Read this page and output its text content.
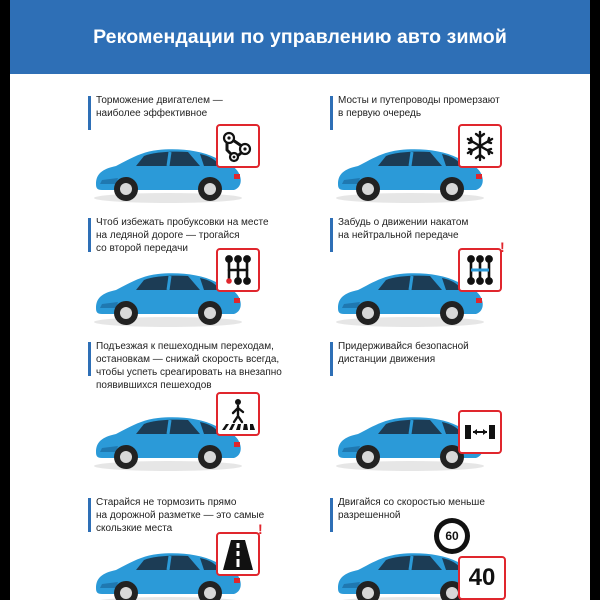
Рекомендации по управлению авто зимой
Торможение двигателем —
наиболее эффективное
Мосты и путепроводы промерзают
в первую очередь
Чтоб избежать пробуксовки на месте
на ледяной дороге — трогайся
со второй передачи
Забудь о движении накатом
на нейтральной передаче
!
Подъезжая к пешеходным переходам,
остановкам — снижай скорость всегда,
чтобы успеть среагировать на внезапно
появившихся пешеходов
Придерживайся безопасной
дистанции движения
Старайся не тормозить прямо
на дорожной разметке — это самые
скользкие места	!
Двигайся со скоростью меньше
разрешенной
60
40
